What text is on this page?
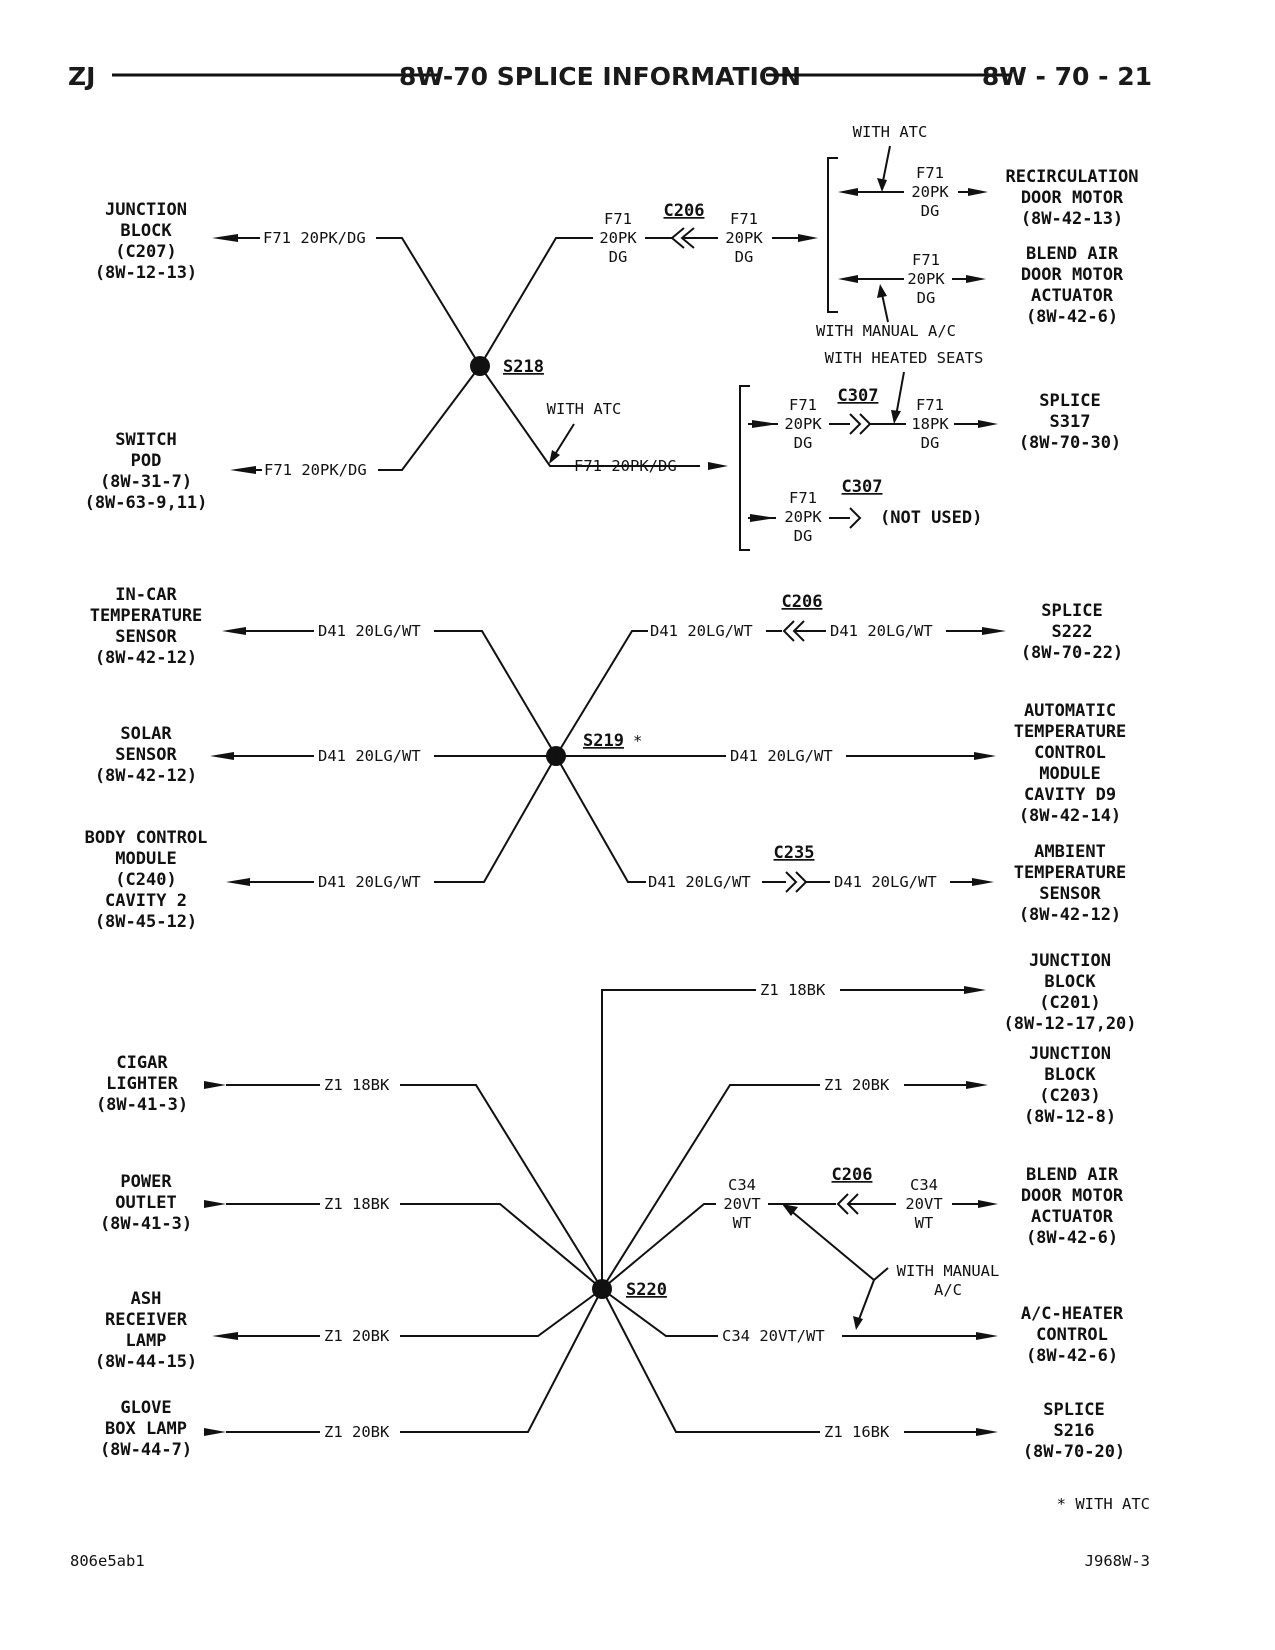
ZJ	8W-70 SPLICE INFORMATION	8W - 70 - 21
JUNCTION
BLOCK
(C207)
(8W-12-13)
F71 20PK/DG
SWITCH
POD
(8W-31-7)
(8W-63-9,11)
F71 20PK/DG
S218
F71
20PK
DG
C206 F71
20PK
DG
WITH ATC
F71
20PK
DG
RECIRCULATION
DOOR MOTOR
(8W-42-13)
F71
20PK
DG
BLEND AIR
DOOR MOTOR
ACTUATOR
(8W-42-6)
WITH MANUAL A/C
WITH ATC
F71 20PK/DG
WITH HEATED SEATS
F71
20PK
DG
C307 F71
18PK
DG
SPLICE
S317
(8W-70-30)
F71
20PK
DG
C307
(NOT USED)
IN-CAR
TEMPERATURE
SENSOR
(8W-42-12)
SOLAR
SENSOR
(8W-42-12)
BODY CONTROL
MODULE
(C240)
CAVITY 2
(8W-45-12)
D41 20LG/WT
D41 20LG/WT
D41 20LG/WT
S219 *
D41 20LG/WT
C206
D41 20LG/WT
SPLICE
S222
(8W-70-22)
D41 20LG/WT
AUTOMATIC
TEMPERATURE
CONTROL
MODULE
CAVITY D9
(8W-42-14)
D41 20LG/WT
C235
D41 20LG/WT
AMBIENT
TEMPERATURE
SENSOR
(8W-42-12)
S220
CIGAR
LIGHTER
(8W-41-3)
POWER
OUTLET
(8W-41-3)
ASH
RECEIVER
LAMP
(8W-44-15)
GLOVE
BOX LAMP
(8W-44-7)
Z1 18BK
Z1 18BK
Z1 20BK
Z1 20BK
JUNCTION
BLOCK
(C201)
(8W-12-17,20)
JUNCTION
BLOCK
(C203)
(8W-12-8)
BLEND AIR
DOOR MOTOR
ACTUATOR
(8W-42-6)
A/C-HEATER
CONTROL
(8W-42-6)
SPLICE
S216
(8W-70-20)
Z1 18BK
Z1 20BK
C34
20VT
WT
C206 C34
20VT
WT
WITH MANUAL
A/C
C34 20VT/WT
Z1 16BK
* WITH ATC
806e5ab1	J968W-3
